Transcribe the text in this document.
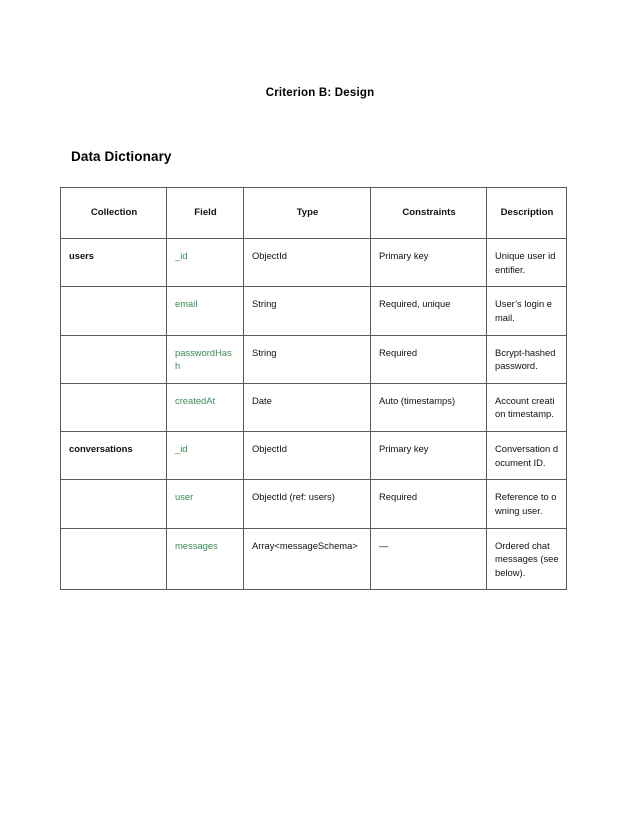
Criterion B: Design
Data Dictionary
Collection	Field	Type	Constraints	Description
users	_id	ObjectId	Primary key	Unique user identifier.
	email	String	Required, unique	User’s login email.
	passwordHash	String	Required	Bcrypt-hashed password.
	createdAt	Date	Auto (timestamps)	Account creation timestamp.
conversations	_id	ObjectId	Primary key	Conversation document ID.
	user	ObjectId (ref: users)	Required	Reference to owning user.
	messages	Array<messageSchema>	—	Ordered chat messages (see below).
